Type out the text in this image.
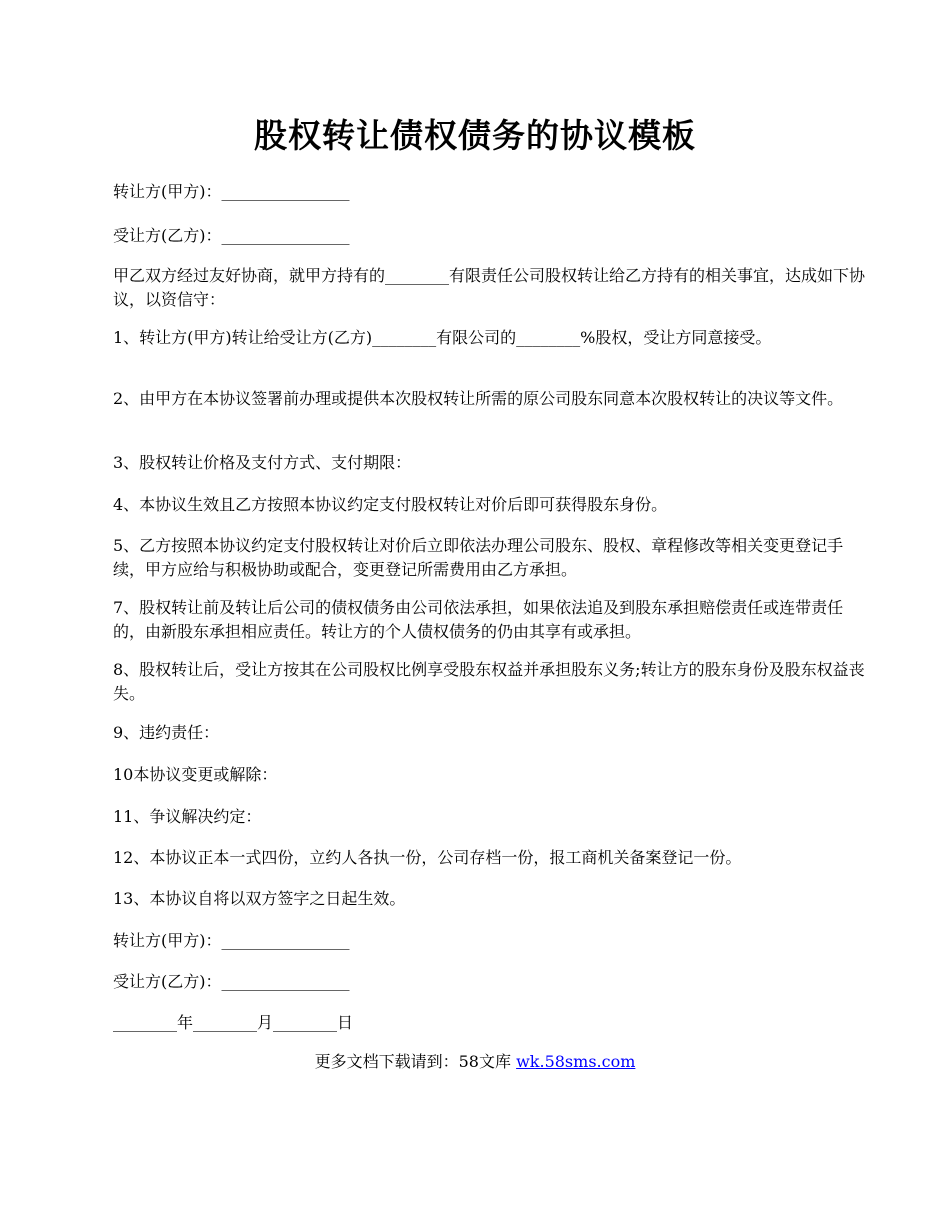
股权转让债权债务的协议模板

转让方(甲方)：________________

受让方(乙方)：________________

甲乙双方经过友好协商，就甲方持有的________有限责任公司股权转让给乙方持有的相关事宜，达成如下协议，以资信守：

1、转让方(甲方)转让给受让方(乙方)________有限公司的________%股权，受让方同意接受。

2、由甲方在本协议签署前办理或提供本次股权转让所需的原公司股东同意本次股权转让的决议等文件。

3、股权转让价格及支付方式、支付期限：

4、本协议生效且乙方按照本协议约定支付股权转让对价后即可获得股东身份。

5、乙方按照本协议约定支付股权转让对价后立即依法办理公司股东、股权、章程修改等相关变更登记手续，甲方应给与积极协助或配合，变更登记所需费用由乙方承担。

7、股权转让前及转让后公司的债权债务由公司依法承担，如果依法追及到股东承担赔偿责任或连带责任的，由新股东承担相应责任。转让方的个人债权债务的仍由其享有或承担。

8、股权转让后，受让方按其在公司股权比例享受股东权益并承担股东义务;转让方的股东身份及股东权益丧失。

9、违约责任：

10本协议变更或解除：

11、争议解决约定：

12、本协议正本一式四份，立约人各执一份，公司存档一份，报工商机关备案登记一份。

13、本协议自将以双方签字之日起生效。

转让方(甲方)：________________

受让方(乙方)：________________

________年________月________日

更多文档下载请到：58文库 wk.58sms.com
